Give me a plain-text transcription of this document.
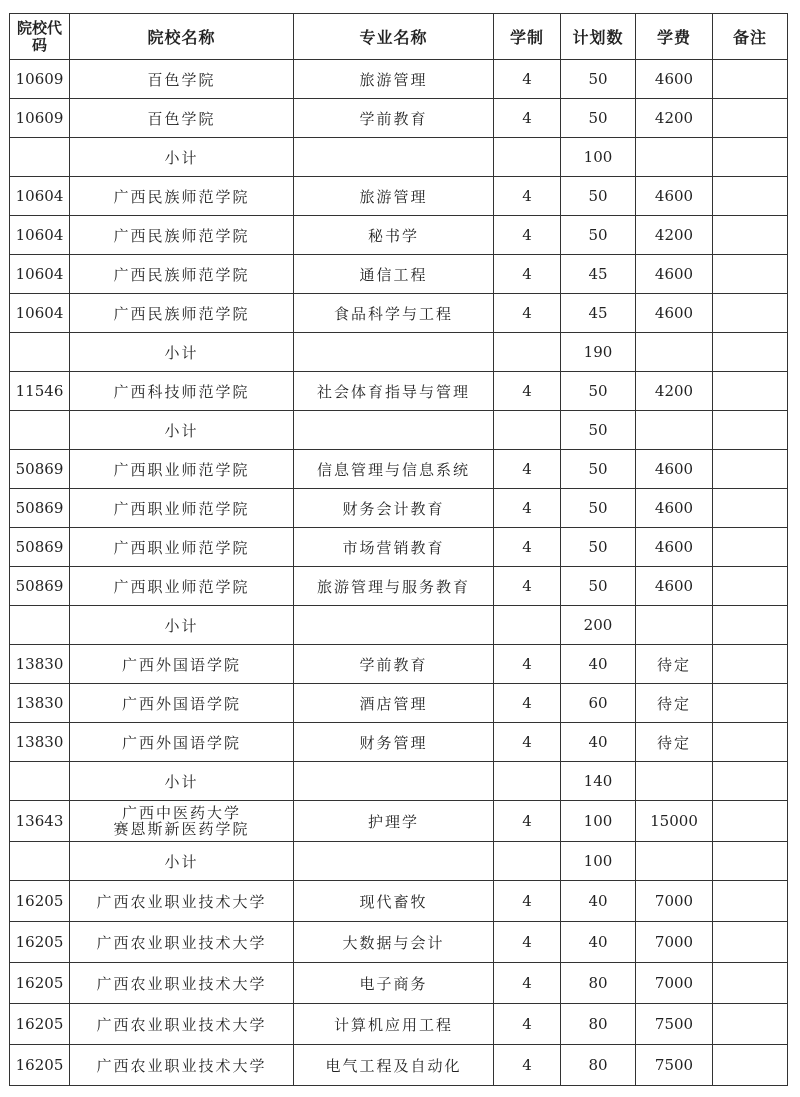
院校代码	院校名称	专业名称	学制	计划数	学费	备注
10609	百色学院	旅游管理	4	50	4600	
10609	百色学院	学前教育	4	50	4200	
	小计			100		
10604	广西民族师范学院	旅游管理	4	50	4600	
10604	广西民族师范学院	秘书学	4	50	4200	
10604	广西民族师范学院	通信工程	4	45	4600	
10604	广西民族师范学院	食品科学与工程	4	45	4600	
	小计			190		
11546	广西科技师范学院	社会体育指导与管理	4	50	4200	
	小计			50		
50869	广西职业师范学院	信息管理与信息系统	4	50	4600	
50869	广西职业师范学院	财务会计教育	4	50	4600	
50869	广西职业师范学院	市场营销教育	4	50	4600	
50869	广西职业师范学院	旅游管理与服务教育	4	50	4600	
	小计			200		
13830	广西外国语学院	学前教育	4	40	待定	
13830	广西外国语学院	酒店管理	4	60	待定	
13830	广西外国语学院	财务管理	4	40	待定	
	小计			140		
13643	广西中医药大学
赛恩斯新医药学院	护理学	4	100	15000	
	小计			100		
16205	广西农业职业技术大学	现代畜牧	4	40	7000	
16205	广西农业职业技术大学	大数据与会计	4	40	7000	
16205	广西农业职业技术大学	电子商务	4	80	7000	
16205	广西农业职业技术大学	计算机应用工程	4	80	7500	
16205	广西农业职业技术大学	电气工程及自动化	4	80	7500	
